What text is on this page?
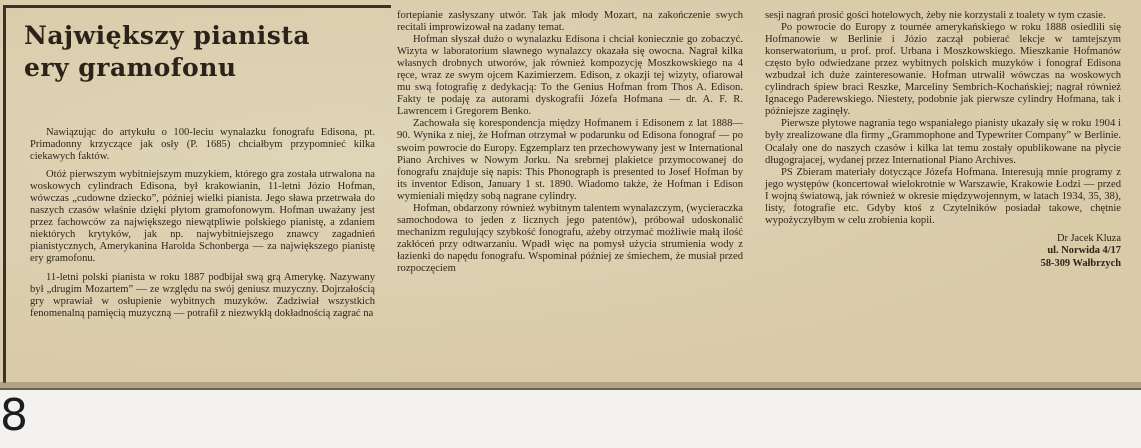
Największy pianista
ery gramofonu

Nawiązując do artykułu o 100-leciu wynalazku fonografu Edisona, pt. Primadonny krzyczące jak osły (P. 1685) chciałbym przypomnieć kilka ciekawych faktów.

Otóż pierwszym wybitniejszym muzykiem, którego gra została utrwalona na woskowych cylindrach Edisona, był krakowianin, 11-letni Józio Hofman, wówczas „cudowne dziecko”, później wielki pianista. Jego sława przetrwała do naszych czasów właśnie dzięki płytom gramofonowym. Hofman uważany jest przez fachowców za największego niewątpliwie polskiego pianistę, a zdaniem niektórych krytyków, jak np. najwybitniejszego znawcy zagadnień pianistycznych, Amerykanina Harolda Schonberga — za największego pianistę ery gramofonu.

11-letni polski pianista w roku 1887 podbijał swą grą Amerykę. Nazywany był „drugim Mozartem” — ze względu na swój geniusz muzyczny. Dojrzałością gry wprawiał w osłupienie wybitnych muzyków. Zadziwiał wszystkich fenomenalną pamięcią muzyczną — potrafił z niezwykłą dokładnością zagrać na

fortepianie zasłyszany utwór. Tak jak młody Mozart, na zakończenie swych recitali improwizował na zadany temat.

Hofman słyszał dużo o wynalazku Edisona i chciał koniecznie go zobaczyć. Wizyta w laboratorium sławnego wynalazcy okazała się owocna. Nagrał kilka własnych drobnych utworów, jak również kompozycję Moszkowskiego na 4 ręce, wraz ze swym ojcem Kazimierzem. Edison, z okazji tej wizyty, ofiarował mu swą fotografię z dedykacją: To the Genius Hofman from Thos A. Edison. Fakty te podaję za autorami dyskografii Józefa Hofmana — dr. A. F. R. Lawrencem i Gregorem Benko.

Zachowała się korespondencja między Hofmanem i Edisonem z lat 1888—90. Wynika z niej, że Hofman otrzymał w podarunku od Edisona fonograf — po swoim powrocie do Europy. Egzemplarz ten przechowywany jest w International Piano Archives w Nowym Jorku. Na srebrnej plakietce przymocowanej do fonografu znajduje się napis: This Phonograph is presented to Josef Hofman by its inventor Edison, January 1 st. 1890. Wiadomo także, że Hofman i Edison wymieniali między sobą nagrane cylindry.

Hofman, obdarzony również wybitnym talentem wynalazczym, (wycieraczka samochodowa to jeden z licznych jego patentów), próbował udoskonalić mechanizm regulujący szybkość fonografu, ażeby otrzymać możliwie małą ilość zakłóceń przy odtwarzaniu. Wpadł więc na pomysł użycia strumienia wody z łazienki do napędu fonografu. Wspominał później ze śmiechem, że musiał przed rozpoczęciem

sesji nagrań prosić gości hotelowych, żeby nie korzystali z toalety w tym czasie.

Po powrocie do Europy z tournée amerykańskiego w roku 1888 osiedlili się Hofmanowie w Berlinie i Józio zaczął pobierać lekcje w tamtejszym konserwatorium, u prof. prof. Urbana i Moszkowskiego. Mieszkanie Hofmanów często było odwiedzane przez wybitnych polskich muzyków i fonograf Edisona wzbudzał ich duże zainteresowanie. Hofman utrwalił wówczas na woskowych cylindrach śpiew braci Reszke, Marceliny Sembrich-Kochańskiej; nagrał również Ignacego Paderewskiego. Niestety, podobnie jak pierwsze cylindry Hofmana, tak i późniejsze zaginęły.

Pierwsze płytowe nagrania tego wspaniałego pianisty ukazały się w roku 1904 i były zrealizowane dla firmy „Grammophone and Typewriter Company” w Berlinie. Ocalały one do naszych czasów i kilka lat temu zostały opublikowane na płycie długograjacej, wydanej przez International Piano Archives.

PS Zbieram materiały dotyczące Józefa Hofmana. Interesują mnie programy z jego występów (koncertował wielokrotnie w Warszawie, Krakowie Łodzi — przed I wojną światową, jak również w okresie międzywojennym, w latach 1934, 35, 38), listy, fotografie etc. Gdyby ktoś z Czytelników posiadał takowe, chętnie wypożyczyłbym w celu zrobienia kopii.

Dr Jacek Kluza
ul. Norwida 4/17
58-309 Wałbrzych
8
